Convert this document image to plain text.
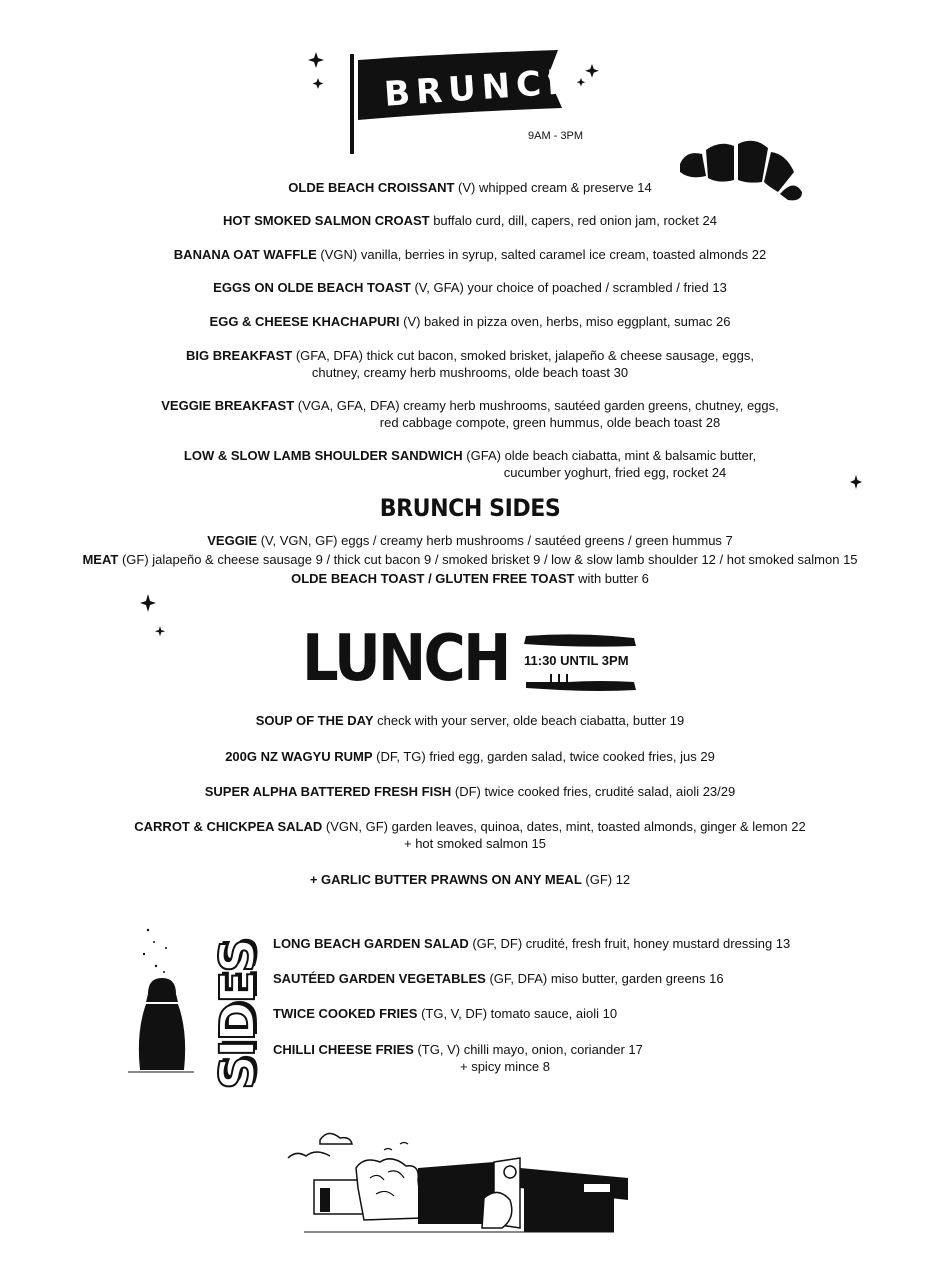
BRUNCH
9AM - 3PM
OLDE BEACH CROISSANT (V) whipped cream & preserve 14
HOT SMOKED SALMON CROAST buffalo curd, dill, capers, red onion jam, rocket 24
BANANA OAT WAFFLE (VGN) vanilla, berries in syrup, salted caramel ice cream, toasted almonds 22
EGGS ON OLDE BEACH TOAST (V, GFA) your choice of poached / scrambled / fried 13
EGG & CHEESE KHACHAPURI (V) baked in pizza oven, herbs, miso eggplant, sumac 26
BIG BREAKFAST (GFA, DFA) thick cut bacon, smoked brisket, jalapeño & cheese sausage, eggs,
chutney, creamy herb mushrooms, olde beach toast 30
VEGGIE BREAKFAST (VGA, GFA, DFA) creamy herb mushrooms, sautéed garden greens, chutney, eggs,
red cabbage compote, green hummus, olde beach toast 28
LOW & SLOW LAMB SHOULDER SANDWICH (GFA) olde beach ciabatta, mint & balsamic butter,
cucumber yoghurt, fried egg, rocket 24
BRUNCH SIDES
VEGGIE (V, VGN, GF) eggs / creamy herb mushrooms / sautéed greens / green hummus 7
MEAT (GF) jalapeño & cheese sausage 9 / thick cut bacon 9 / smoked brisket 9 / low & slow lamb shoulder 12 / hot smoked salmon 15
OLDE BEACH TOAST / GLUTEN FREE TOAST with butter 6
LUNCH 11:30 UNTIL 3PM
SOUP OF THE DAY check with your server, olde beach ciabatta, butter 19
200G NZ WAGYU RUMP (DF, TG) fried egg, garden salad, twice cooked fries, jus 29
SUPER ALPHA BATTERED FRESH FISH (DF) twice cooked fries, crudité salad, aioli 23/29
CARROT & CHICKPEA SALAD (VGN, GF) garden leaves, quinoa, dates, mint, toasted almonds, ginger & lemon 22
+ hot smoked salmon 15
+ GARLIC BUTTER PRAWNS ON ANY MEAL (GF) 12
SIDES LONG BEACH GARDEN SALAD (GF, DF) crudité, fresh fruit, honey mustard dressing 13
SAUTÉED GARDEN VEGETABLES (GF, DFA) miso butter, garden greens 16
TWICE COOKED FRIES (TG, V, DF) tomato sauce, aioli 10
CHILLI CHEESE FRIES (TG, V) chilli mayo, onion, coriander 17
+ spicy mince 8
